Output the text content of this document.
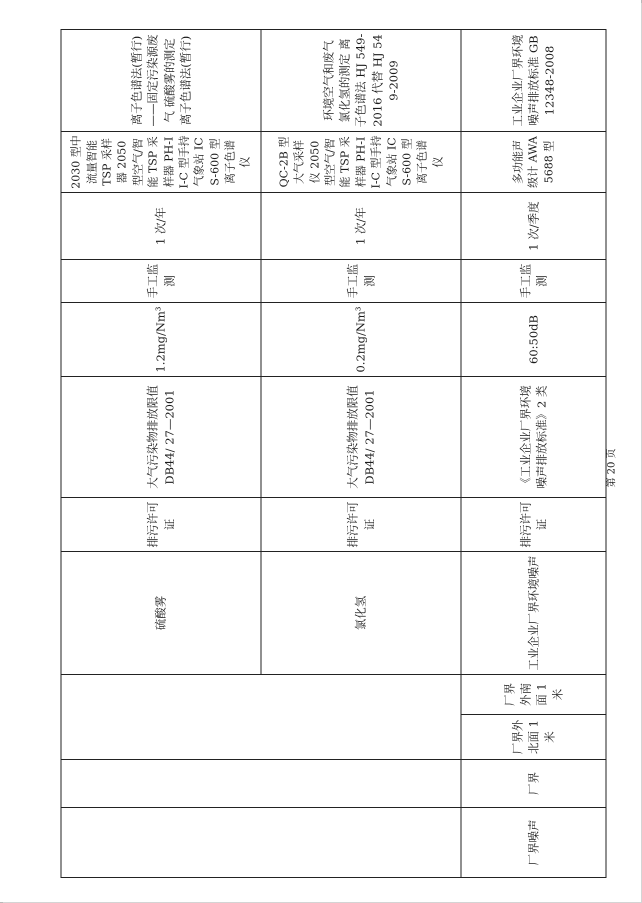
				硫酸雾	排污许可证	大气污染物排放限值 DB44/ 27—2001	1.2mg/Nm³	手工监测	1 次/年	2030 型中流量智能 TSP 采样器 2050 型空气/智能 TSP 采样器 PH-II-C 型手持气象站 ICS-600 型离子色谱仪	离子色谱法(暂行)——固定污染源废气 硫酸雾的测定 离子色谱法(暂行)
				氯化氢	排污许可证	大气污染物排放限值 DB44/ 27—2001	0.2mg/Nm³	手工监测	1 次/年	QC-2B 型大气采样仪 2050 型空气/智能 TSP 采样器 PH-II-C 型手持气象站 ICS-600 型离子色谱仪	环境空气和废气 氯化氢的测定 离子色谱法 HJ 549-2016 代替 HJ 549-2009
厂界噪声	厂界	厂界外北面 1 米	厂界外南面 1 米	工业企业厂界环境噪声	排污许可证	《工业企业厂界环境噪声排放标准》2 类	60:50dB	手工监测	1 次/季度	多功能声级计 AWA5688 型	工业企业厂界环境噪声排放标准 GB 12348-2008
第 20 页
